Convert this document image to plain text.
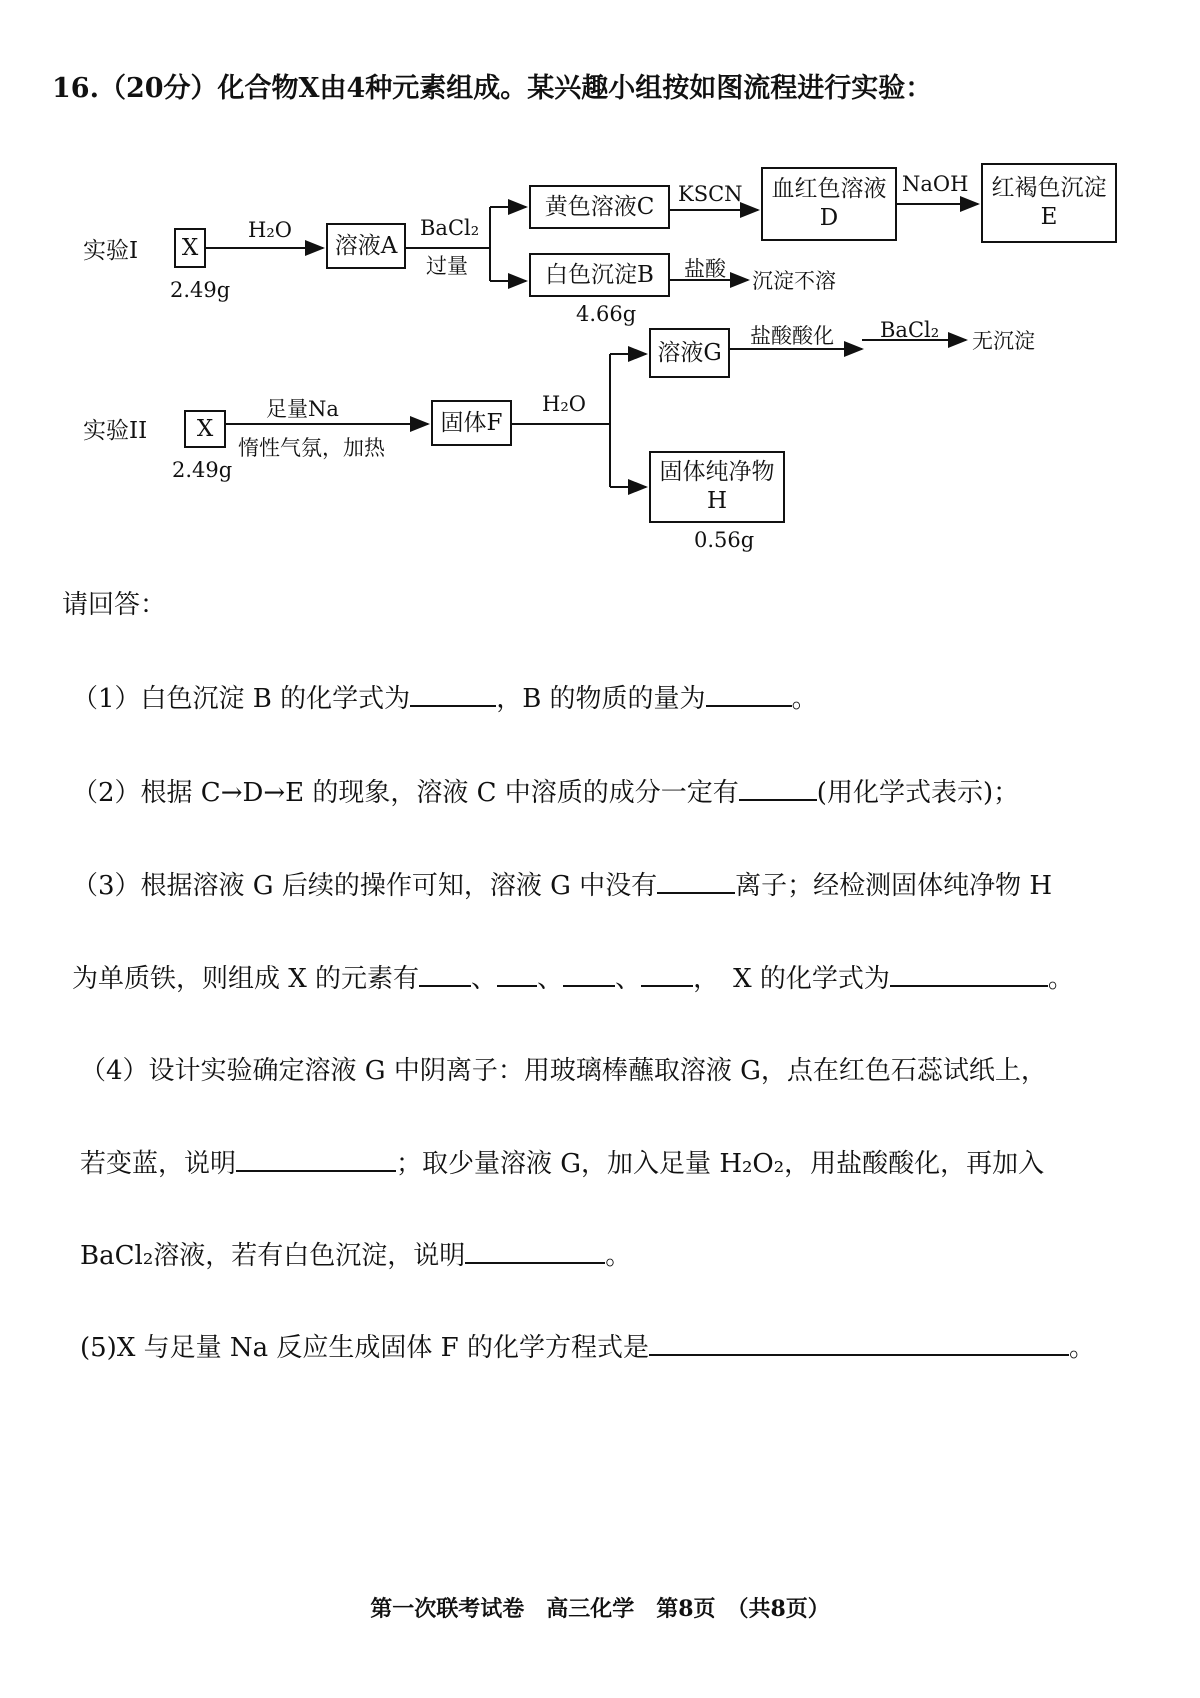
16.（20分）化合物X由4种元素组成。某兴趣小组按如图流程进行实验：
实验I
实验II
X
2.49g
H₂O
溶液A
BaCl₂
过量
黄色溶液C KSCN 血红色溶液
D
NaOH 红褐色沉淀
E
白色沉淀B
4.66g
盐酸 沉淀不溶
X
2.49g
足量Na
惰性气氛，加热
固体F
H₂O
溶液G
盐酸酸化 BaCl₂ 无沉淀
固体纯净物
H
0.56g
请回答：
（1）白色沉淀 B 的化学式为	，B 的物质的量为	。
（2）根据 C→D→E 的现象，溶液 C 中溶质的成分一定有	(用化学式表示)；
（3）根据溶液 G 后续的操作可知，溶液 G 中没有	离子；经检测固体纯净物 H
为单质铁，则组成 X 的元素有 、 、 、 ， X 的化学式为	。
（4）设计实验确定溶液 G 中阴离子：用玻璃棒蘸取溶液 G，点在红色石蕊试纸上，
若变蓝，说明	；取少量溶液 G，加入足量 H₂O₂，用盐酸酸化，再加入
BaCl₂溶液，若有白色沉淀，说明	。
(5)X 与足量 Na 反应生成固体 F 的化学方程式是	。
第一次联考试卷　高三化学　第8页　（共8页）
